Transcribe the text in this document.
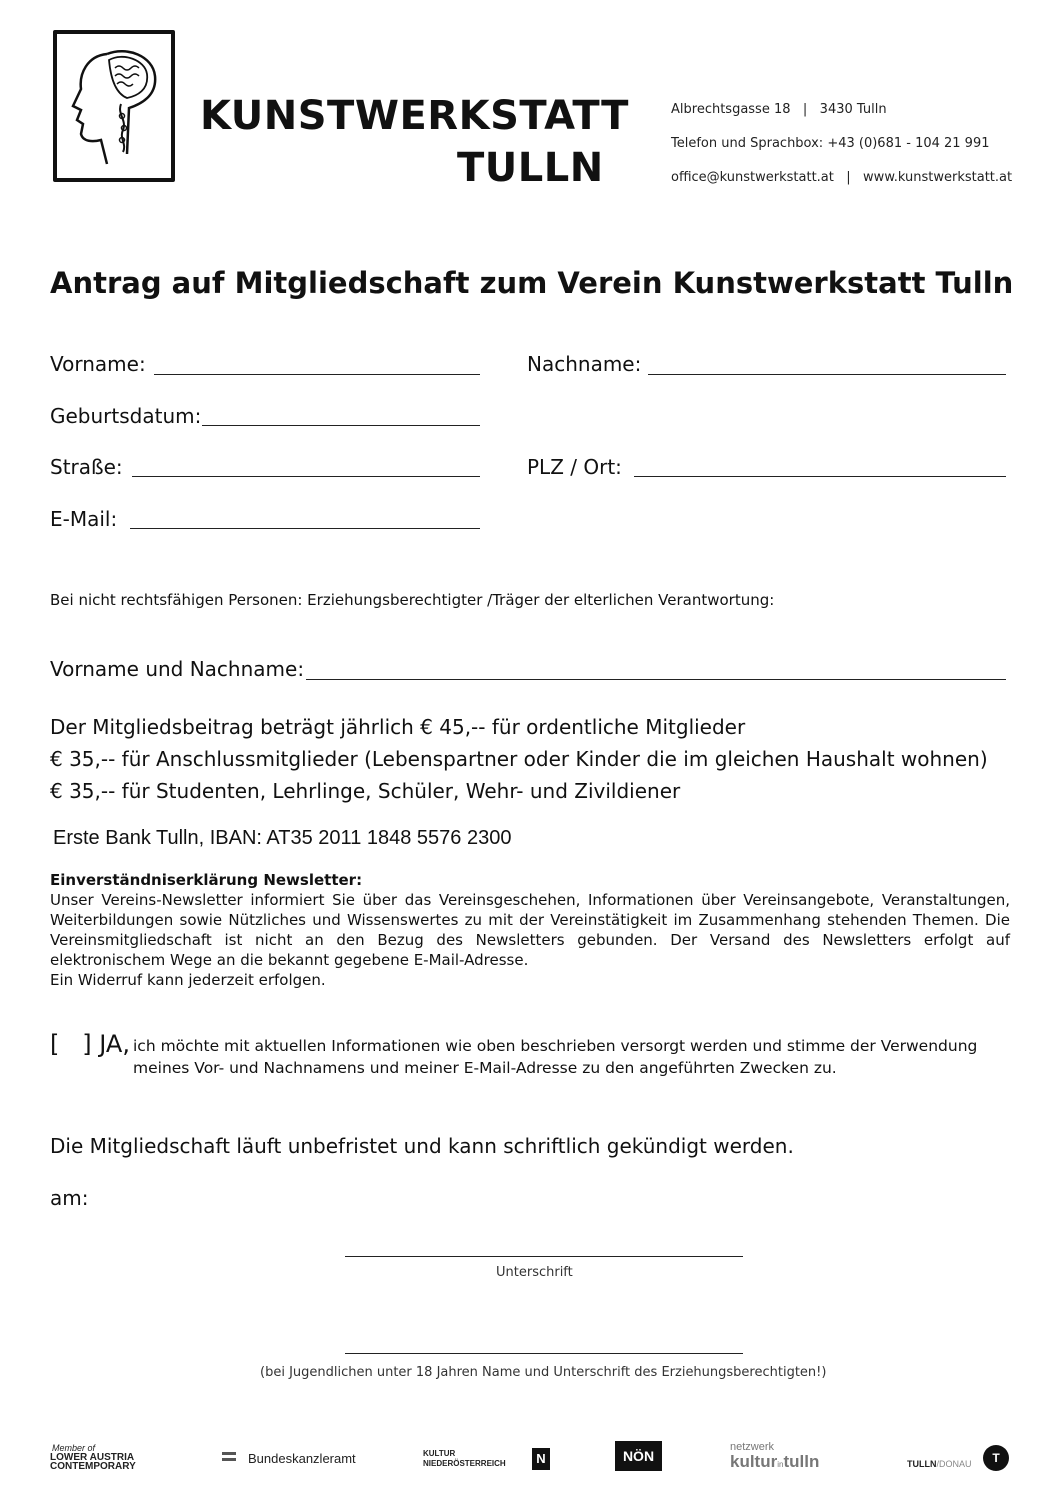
KUNSTWERKSTATT
TULLN
Albrechtsgasse 18   |   3430 Tulln
Telefon und Sprachbox: +43 (0)681 - 104 21 991
office@kunstwerkstatt.at   |   www.kunstwerkstatt.at
Antrag auf Mitgliedschaft zum Verein Kunstwerkstatt Tulln
Vorname:	Nachname:
Geburtsdatum:
Straße:	PLZ / Ort:
E-Mail:
Bei nicht rechtsfähigen Personen: Erziehungsberechtigter /Träger der elterlichen Verantwortung:
Vorname und Nachname:
Der Mitgliedsbeitrag beträgt jährlich € 45,-- für ordentliche Mitglieder
€ 35,-- für Anschlussmitglieder (Lebenspartner oder Kinder die im gleichen Haushalt wohnen)
€ 35,-- für Studenten, Lehrlinge, Schüler, Wehr- und Zivildiener
Erste Bank Tulln, IBAN: AT35 2011 1848 5576 2300
Einverständniserklärung Newsletter:
Unser Vereins-Newsletter informiert Sie über das Vereinsgeschehen, Informationen über Vereinsangebote, Veranstaltungen, Weiterbildungen sowie Nützliches und Wissenswertes zu mit der Vereinstätigkeit im Zusammenhang stehenden Themen. Die Vereinsmitgliedschaft ist nicht an den Bezug des Newsletters gebunden. Der Versand des Newsletters erfolgt auf elektronischem Wege an die bekannt gegebene E-Mail-Adresse.
Ein Widerruf kann jederzeit erfolgen.
[   ] JA, ich möchte mit aktuellen Informationen wie oben beschrieben versorgt werden und stimme der Verwendung
meines Vor- und Nachnamens und meiner E-Mail-Adresse zu den angeführten Zwecken zu.
Die Mitgliedschaft läuft unbefristet und kann schriftlich gekündigt werden.
am:
Unterschrift
(bei Jugendlichen unter 18 Jahren Name und Unterschrift des Erziehungsberechtigten!)
Member of
LOWER AUSTRIA
CONTEMPORARY
Bundeskanzleramt	KULTUR
NIEDERÖSTERREICH	N	NÖN
netzwerk
kulturintulln	TULLN/DONAU	T
